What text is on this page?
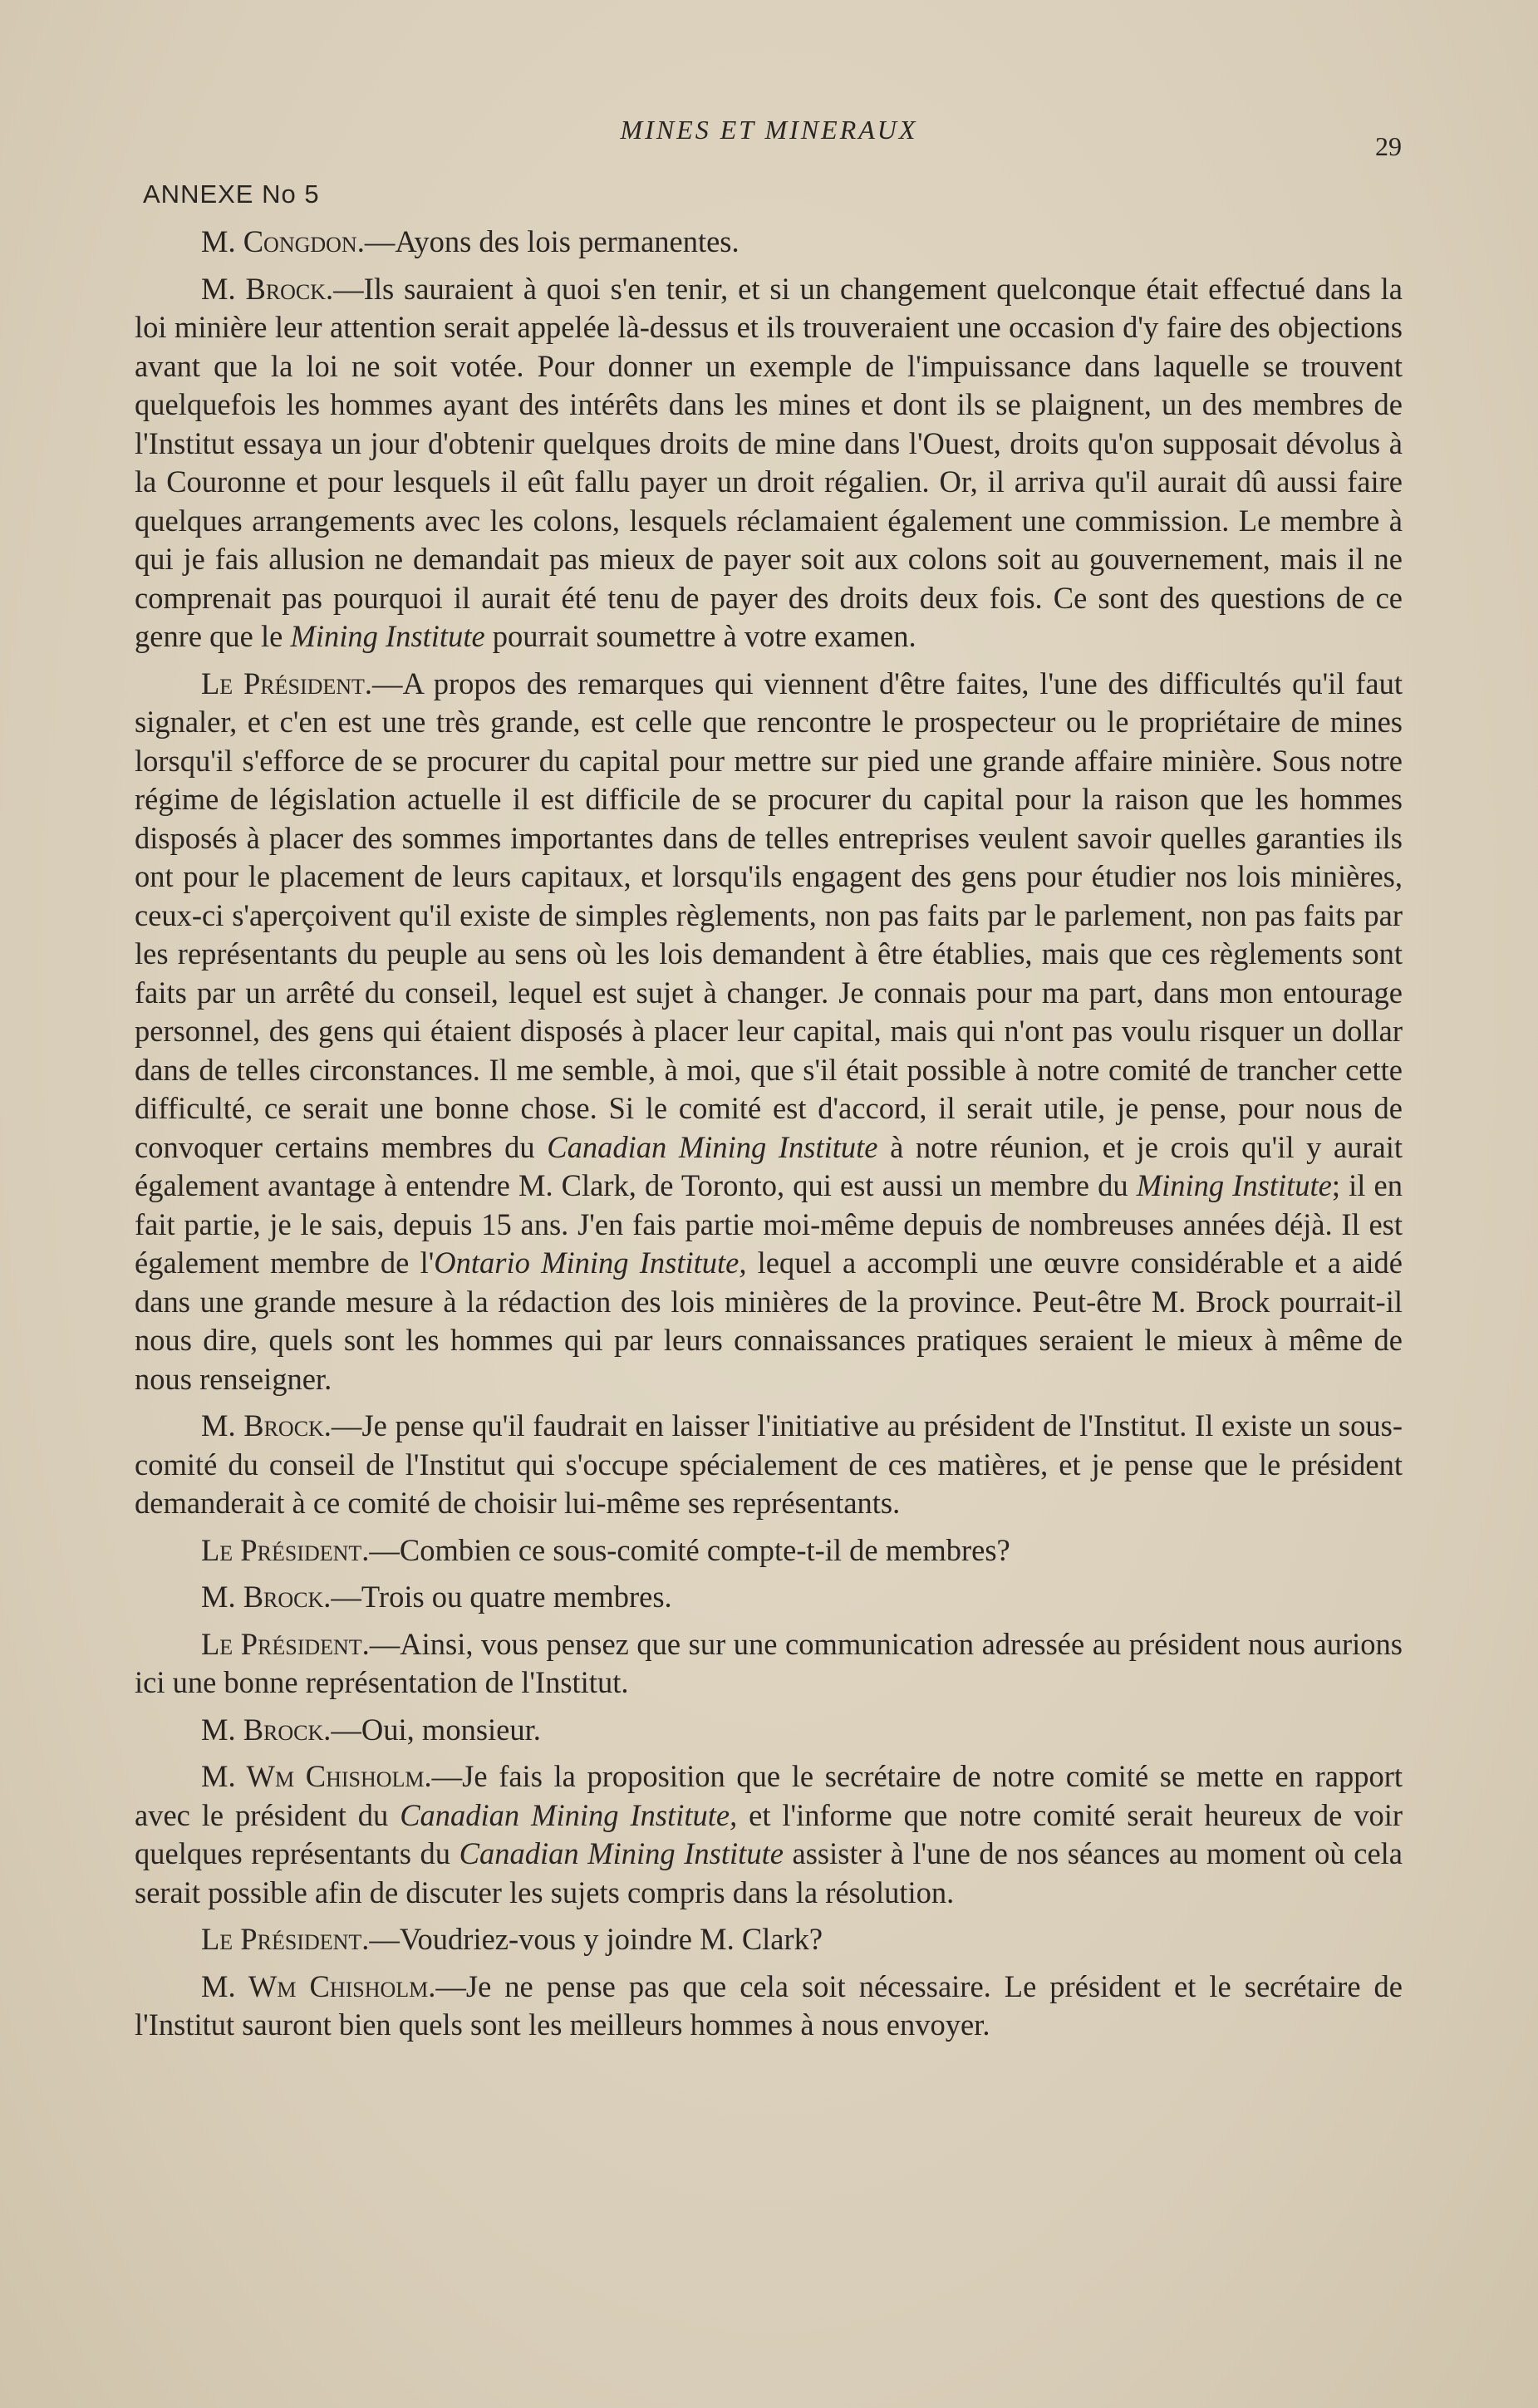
MINES ET MINERAUX
29
ANNEXE No 5

M. Congdon.—Ayons des lois permanentes.

M. Brock.—Ils sauraient à quoi s'en tenir, et si un changement quelconque était effectué dans la loi minière leur attention serait appelée là-dessus et ils trouveraient une occasion d'y faire des objections avant que la loi ne soit votée. Pour donner un exemple de l'impuissance dans laquelle se trouvent quelquefois les hommes ayant des intérêts dans les mines et dont ils se plaignent, un des membres de l'Institut essaya un jour d'obtenir quelques droits de mine dans l'Ouest, droits qu'on supposait dévolus à la Couronne et pour lesquels il eût fallu payer un droit régalien. Or, il arriva qu'il aurait dû aussi faire quelques arrangements avec les colons, lesquels réclamaient également une commission. Le membre à qui je fais allusion ne demandait pas mieux de payer soit aux colons soit au gouvernement, mais il ne comprenait pas pourquoi il aurait été tenu de payer des droits deux fois. Ce sont des questions de ce genre que le Mining Institute pourrait soumettre à votre examen.

Le Président.—A propos des remarques qui viennent d'être faites, l'une des difficultés qu'il faut signaler, et c'en est une très grande, est celle que rencontre le prospecteur ou le propriétaire de mines lorsqu'il s'efforce de se procurer du capital pour mettre sur pied une grande affaire minière. Sous notre régime de législation actuelle il est difficile de se procurer du capital pour la raison que les hommes disposés à placer des sommes importantes dans de telles entreprises veulent savoir quelles garanties ils ont pour le placement de leurs capitaux, et lorsqu'ils engagent des gens pour étudier nos lois minières, ceux-ci s'aperçoivent qu'il existe de simples règlements, non pas faits par le parlement, non pas faits par les représentants du peuple au sens où les lois demandent à être établies, mais que ces règlements sont faits par un arrêté du conseil, lequel est sujet à changer. Je connais pour ma part, dans mon entourage personnel, des gens qui étaient disposés à placer leur capital, mais qui n'ont pas voulu risquer un dollar dans de telles circonstances. Il me semble, à moi, que s'il était possible à notre comité de trancher cette difficulté, ce serait une bonne chose. Si le comité est d'accord, il serait utile, je pense, pour nous de convoquer certains membres du Canadian Mining Institute à notre réunion, et je crois qu'il y aurait également avantage à entendre M. Clark, de Toronto, qui est aussi un membre du Mining Institute; il en fait partie, je le sais, depuis 15 ans. J'en fais partie moi-même depuis de nombreuses années déjà. Il est également membre de l'Ontario Mining Institute, lequel a accompli une œuvre considérable et a aidé dans une grande mesure à la rédaction des lois minières de la province. Peut-être M. Brock pourrait-il nous dire, quels sont les hommes qui par leurs connaissances pratiques seraient le mieux à même de nous renseigner.

M. Brock.—Je pense qu'il faudrait en laisser l'initiative au président de l'Institut. Il existe un sous-comité du conseil de l'Institut qui s'occupe spécialement de ces matières, et je pense que le président demanderait à ce comité de choisir lui-même ses représentants.

Le Président.—Combien ce sous-comité compte-t-il de membres?

M. Brock.—Trois ou quatre membres.

Le Président.—Ainsi, vous pensez que sur une communication adressée au président nous aurions ici une bonne représentation de l'Institut.

M. Brock.—Oui, monsieur.

M. Wm Chisholm.—Je fais la proposition que le secrétaire de notre comité se mette en rapport avec le président du Canadian Mining Institute, et l'informe que notre comité serait heureux de voir quelques représentants du Canadian Mining Institute assister à l'une de nos séances au moment où cela serait possible afin de discuter les sujets compris dans la résolution.

Le Président.—Voudriez-vous y joindre M. Clark?

M. Wm Chisholm.—Je ne pense pas que cela soit nécessaire. Le président et le secrétaire de l'Institut sauront bien quels sont les meilleurs hommes à nous envoyer.
